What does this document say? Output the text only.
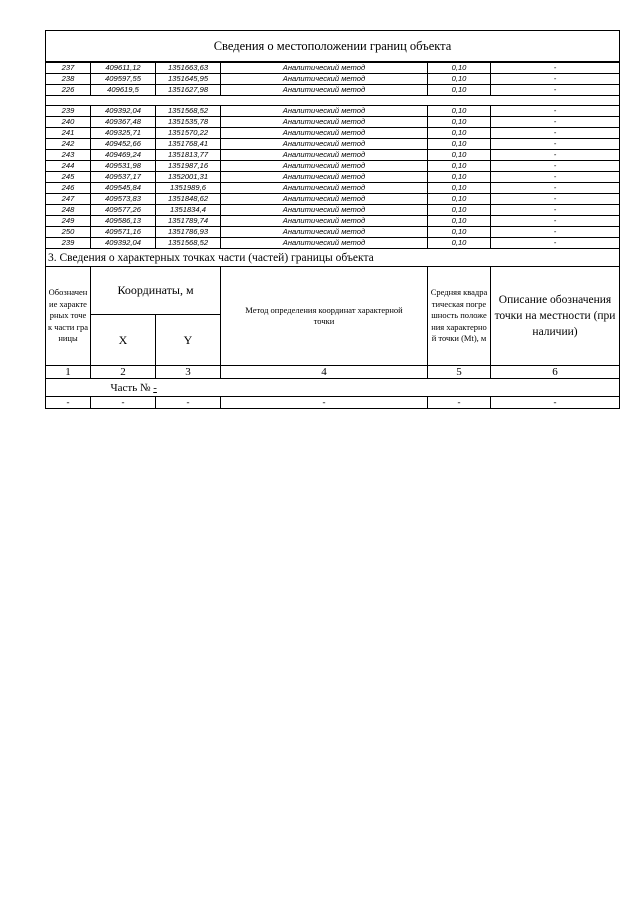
Сведения о местоположении границ объекта					
237	409611,12	1351663,63	Аналитический метод	0,10	-
238	409597,55	1351645,95	Аналитический метод	0,10	-
226	409619,5	1351627,98	Аналитический метод	0,10	-

239	409392,04	1351568,52	Аналитический метод	0,10	-
240	409367,48	1351535,78	Аналитический метод	0,10	-
241	409325,71	1351570,22	Аналитический метод	0,10	-
242	409452,66	1351768,41	Аналитический метод	0,10	-
243	409469,24	1351813,77	Аналитический метод	0,10	-
244	409531,98	1351987,16	Аналитический метод	0,10	-
245	409537,17	1352001,31	Аналитический метод	0,10	-
246	409545,84	1351989,6	Аналитический метод	0,10	-
247	409573,83	1351848,62	Аналитический метод	0,10	-
248	409577,26	1351834,4	Аналитический метод	0,10	-
249	409586,13	1351789,74	Аналитический метод	0,10	-
250	409571,16	1351786,93	Аналитический метод	0,10	-
239	409392,04	1351568,52	Аналитический метод	0,10	-
3. Сведения о характерных точках части (частей) границы объекта					
Обозначение характерных точек части границы	Координаты, м		Метод определения координат характерной точки	Средняя квадратическая погрешность положения характерной точки (Mt), м	Описание обозначения точки на местности (при наличии)
	X	Y			
1	2	3	4	5	6
	Часть № -				
-	-	-	-	-	-
